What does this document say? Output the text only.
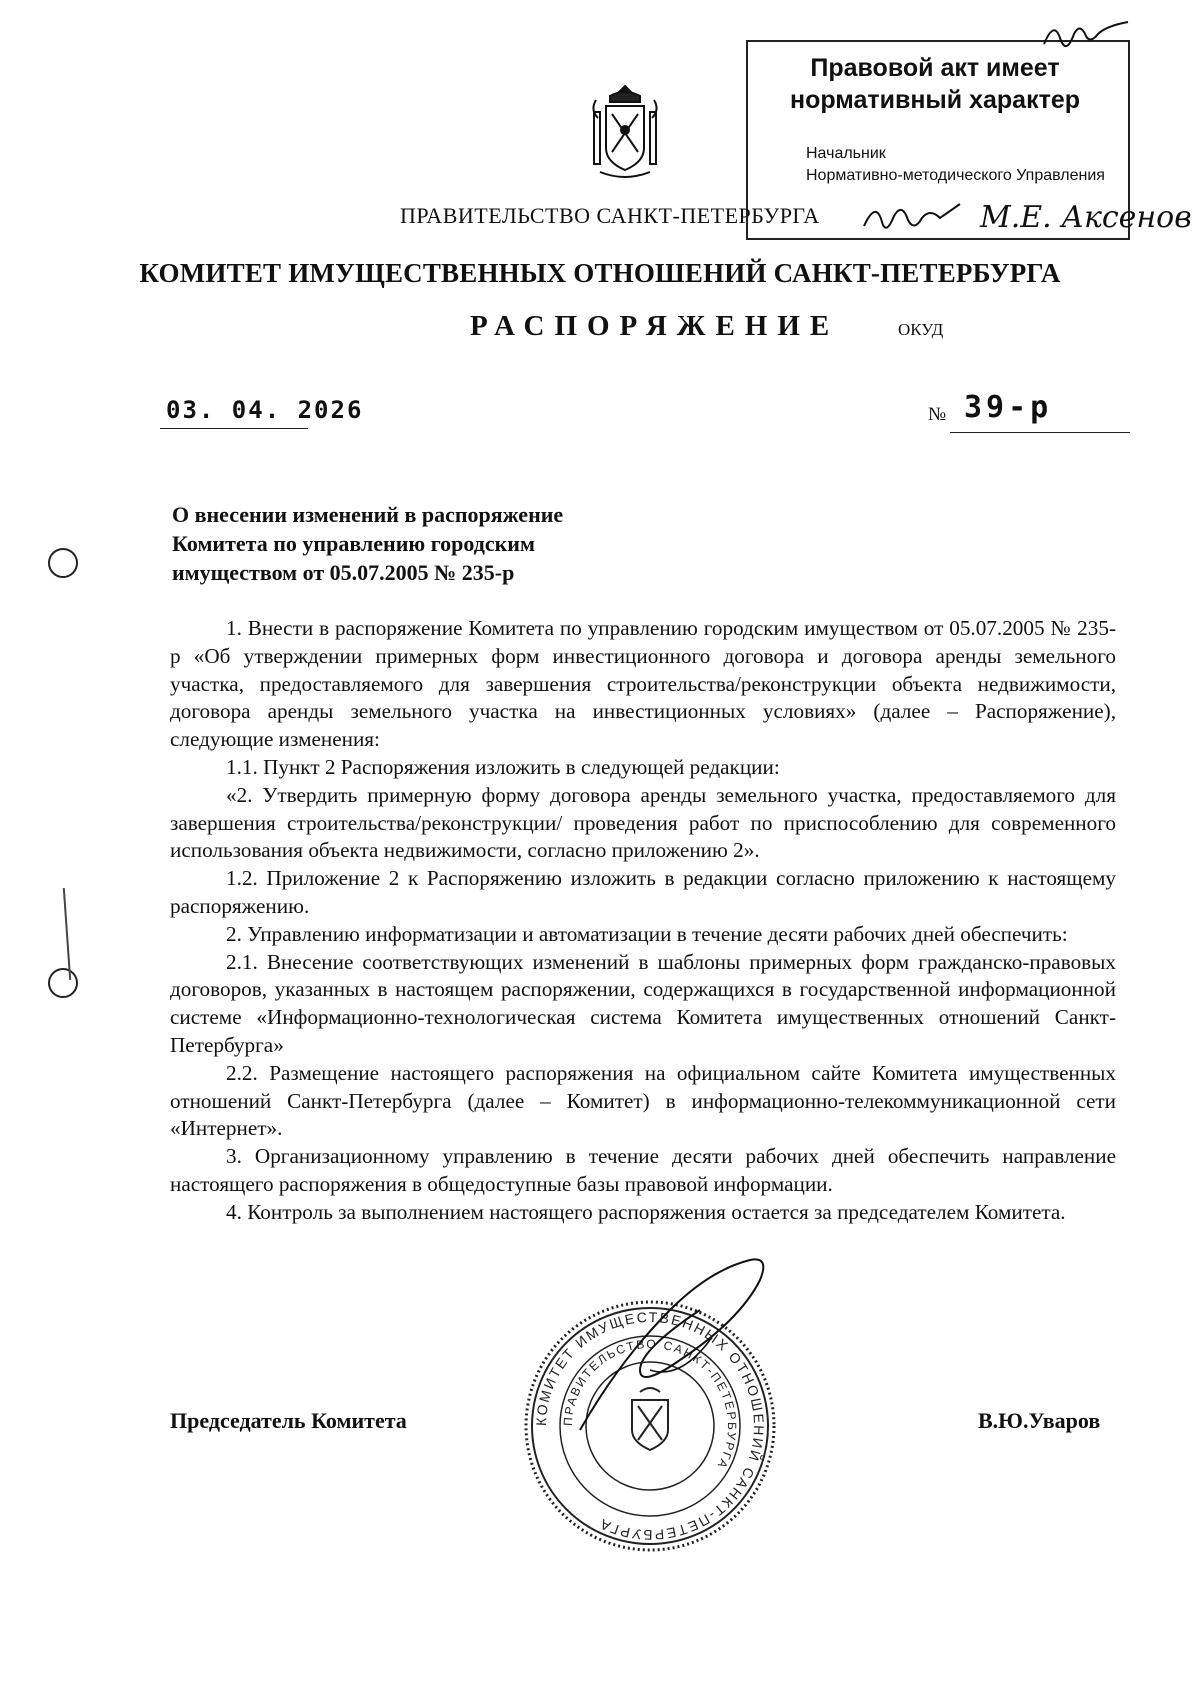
Правовой акт имеет
нормативный характер
Начальник
Нормативно-методического Управления
М.Е. Аксенов
ПРАВИТЕЛЬСТВО САНКТ-ПЕТЕРБУРГА
КОМИТЕТ ИМУЩЕСТВЕННЫХ ОТНОШЕНИЙ САНКТ-ПЕТЕРБУРГА
РАСПОРЯЖЕНИЕ	ОКУД
03. 04. 2026	№ 39-р
О внесении изменений в распоряжение
Комитета по управлению городским
имуществом от 05.07.2005 № 235-р

1. Внести в распоряжение Комитета по управлению городским имуществом от 05.07.2005 № 235-р «Об утверждении примерных форм инвестиционного договора и договора аренды земельного участка, предоставляемого для завершения строительства/реконструкции объекта недвижимости, договора аренды земельного участка на инвестиционных условиях» (далее – Распоряжение), следующие изменения:

1.1. Пункт 2 Распоряжения изложить в следующей редакции:

«2. Утвердить примерную форму договора аренды земельного участка, предоставляемого для завершения строительства/реконструкции/ проведения работ по приспособлению для современного использования объекта недвижимости, согласно приложению 2».

1.2. Приложение 2 к Распоряжению изложить в редакции согласно приложению к настоящему распоряжению.

2. Управлению информатизации и автоматизации в течение десяти рабочих дней обеспечить:

2.1. Внесение соответствующих изменений в шаблоны примерных форм гражданско-правовых договоров, указанных в настоящем распоряжении, содержащихся в государственной информационной системе «Информационно-технологическая система Комитета имущественных отношений Санкт-Петербурга»

2.2. Размещение настоящего распоряжения на официальном сайте Комитета имущественных отношений Санкт-Петербурга (далее – Комитет) в информационно-телекоммуникационной сети «Интернет».

3. Организационному управлению в течение десяти рабочих дней обеспечить направление настоящего распоряжения в общедоступные базы правовой информации.

4. Контроль за выполнением настоящего распоряжения остается за председателем Комитета.

Председатель Комитета	В.Ю.Уваров
КОМИТЕТ ИМУЩЕСТВЕННЫХ ОТНОШЕНИЙ САНКТ-ПЕТЕРБУРГА
ПРАВИТЕЛЬСТВО САНКТ-ПЕТЕРБУРГА
